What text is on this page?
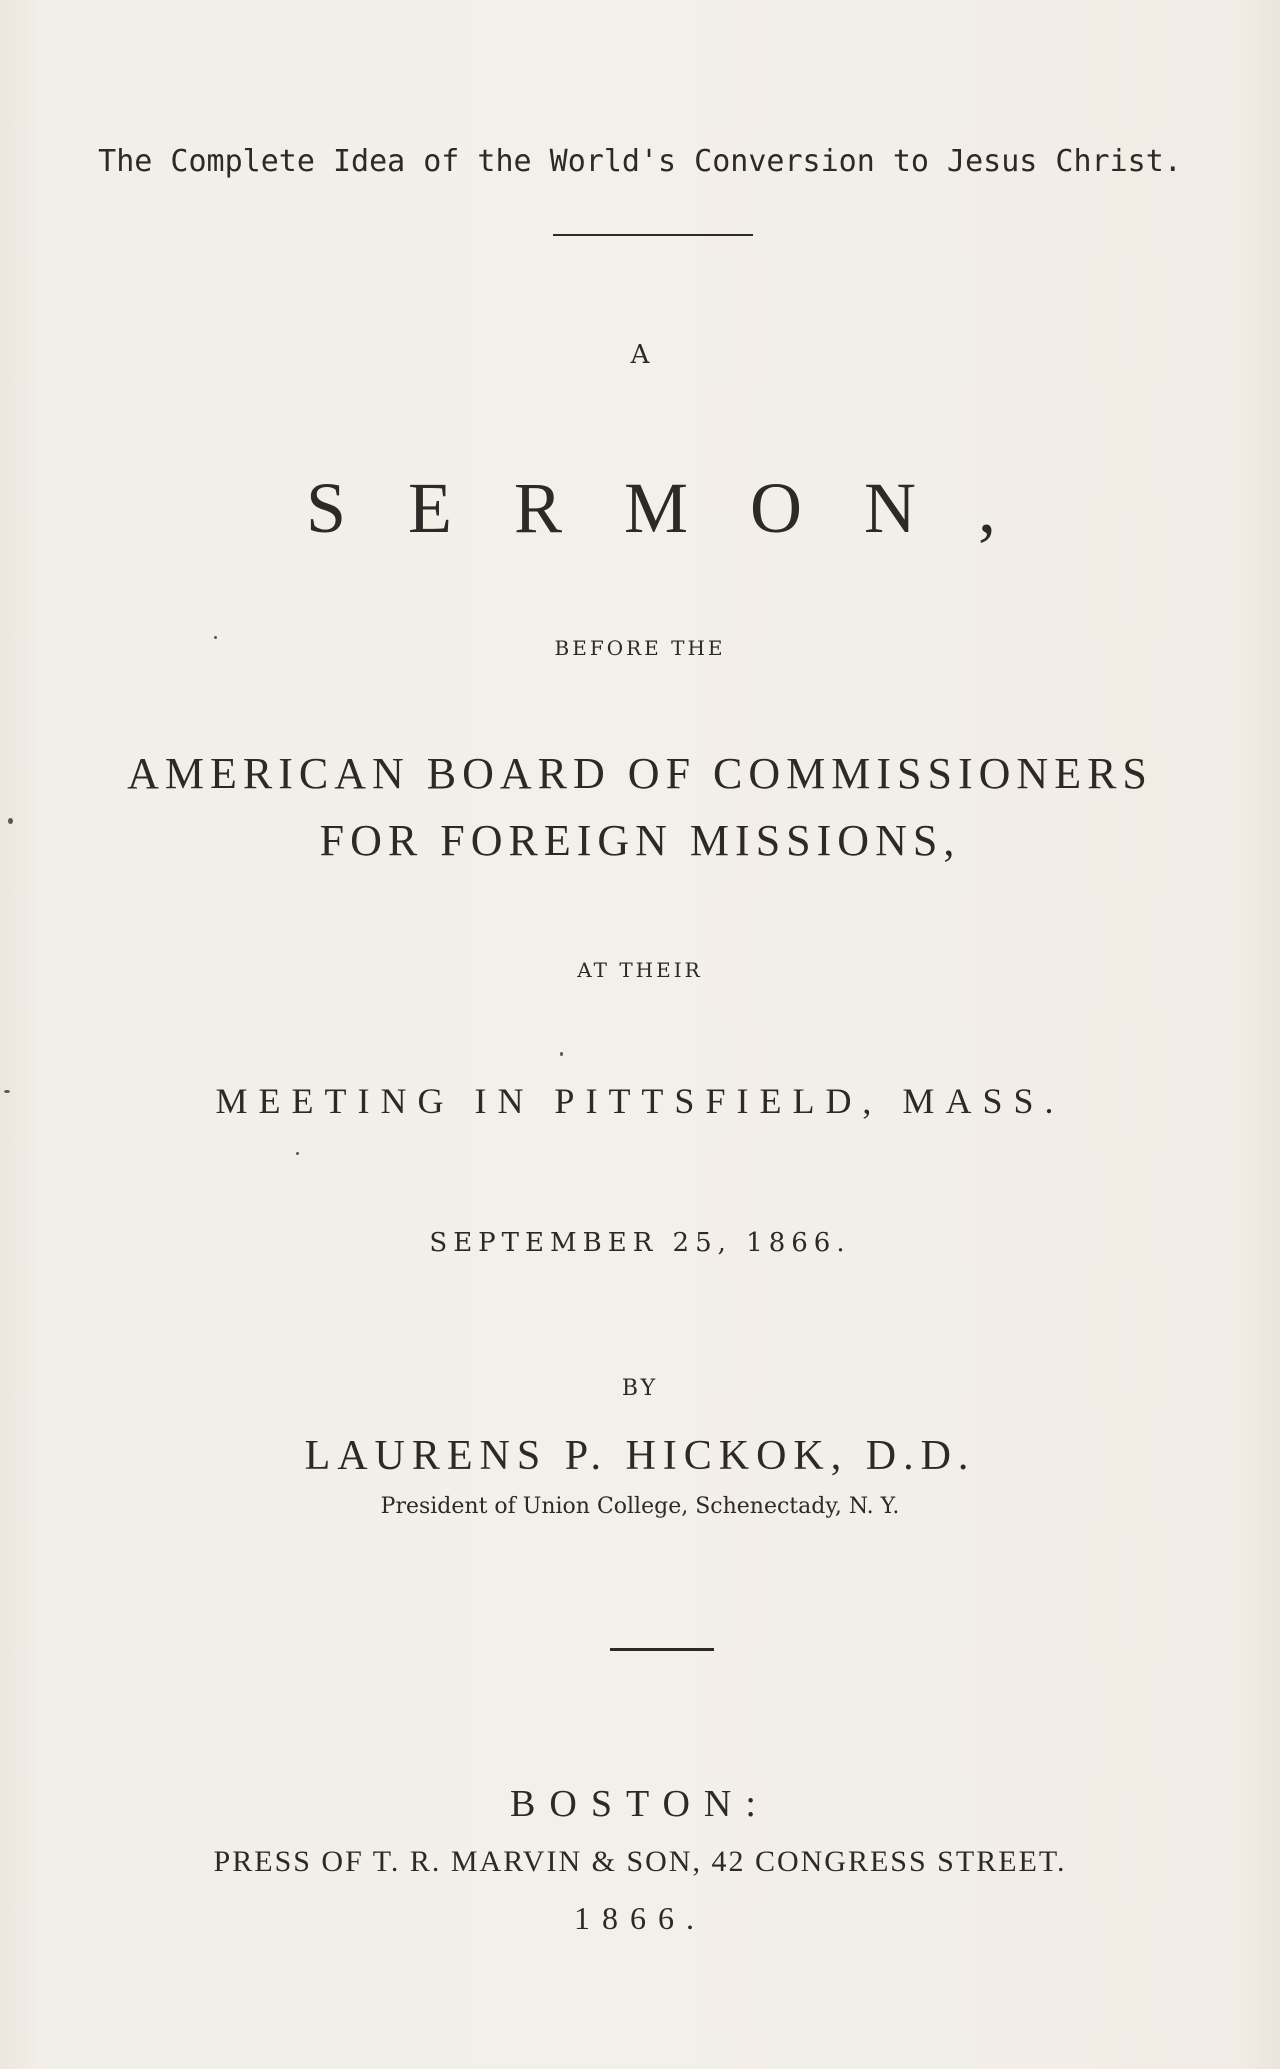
The Complete Idea of the World's Conversion to Jesus Christ.
A
S E R M O N ,
BEFORE THE
AMERICAN BOARD OF COMMISSIONERS
FOR FOREIGN MISSIONS,
AT THEIR
MEETING IN PITTSFIELD, MASS.
SEPTEMBER 25, 1866.
BY
LAURENS P. HICKOK, D.D.
President of Union College, Schenectady, N. Y.
BOSTON:
PRESS OF T. R. MARVIN & SON, 42 CONGRESS STREET.
1866.
